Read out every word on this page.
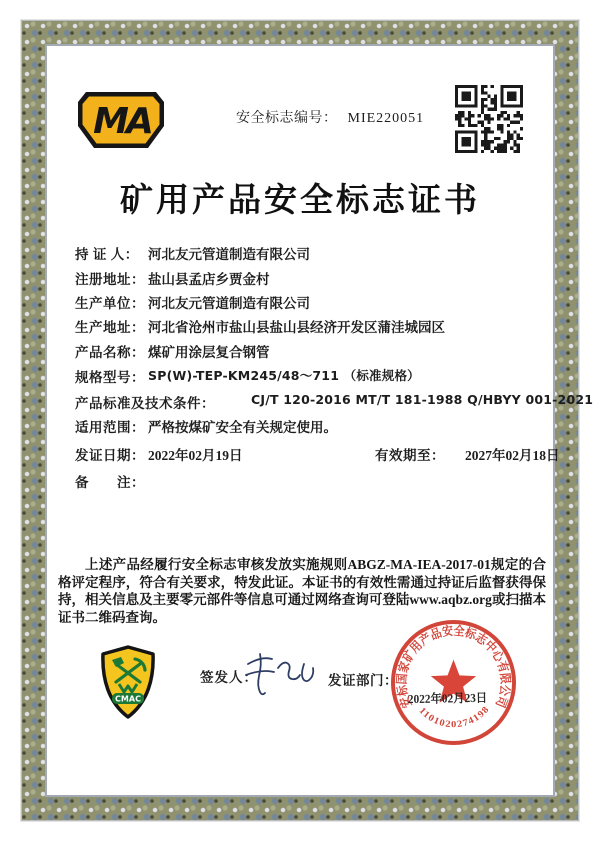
MA	安全标志编号： MIE220051
矿用产品安全标志证书
持 证 人： 河北友元管道制造有限公司
注册地址： 盐山县孟店乡贾金村
生产单位： 河北友元管道制造有限公司
生产地址： 河北省沧州市盐山县盐山县经济开发区蒲洼城园区
产品名称： 煤矿用涂层复合钢管
规格型号： SP(W)-TEP-KM245/48～711 （标准规格）
产品标准及技术条件：	CJ/T 120-2016 MT/T 181-1988 Q/HBYY 001-2021
适用范围： 严格按煤矿安全有关规定使用。
发证日期： 2022年02月19日	有效期至： 2027年02月18日
备　　注：
上述产品经履行安全标志审核发放实施规则ABGZ-MA-IEA-2017-01规定的合格评定程序，符合有关要求，特发此证。本证书的有效性需通过持证后监督获得保持，相关信息及主要零元部件等信息可通过网络查询可登陆www.aqbz.org或扫描本证书二维码查询。
CMAC
签发人：	发证部门：
安标国家矿用产品安全标志中心有限公司
1101020274198
2022年02月23日
